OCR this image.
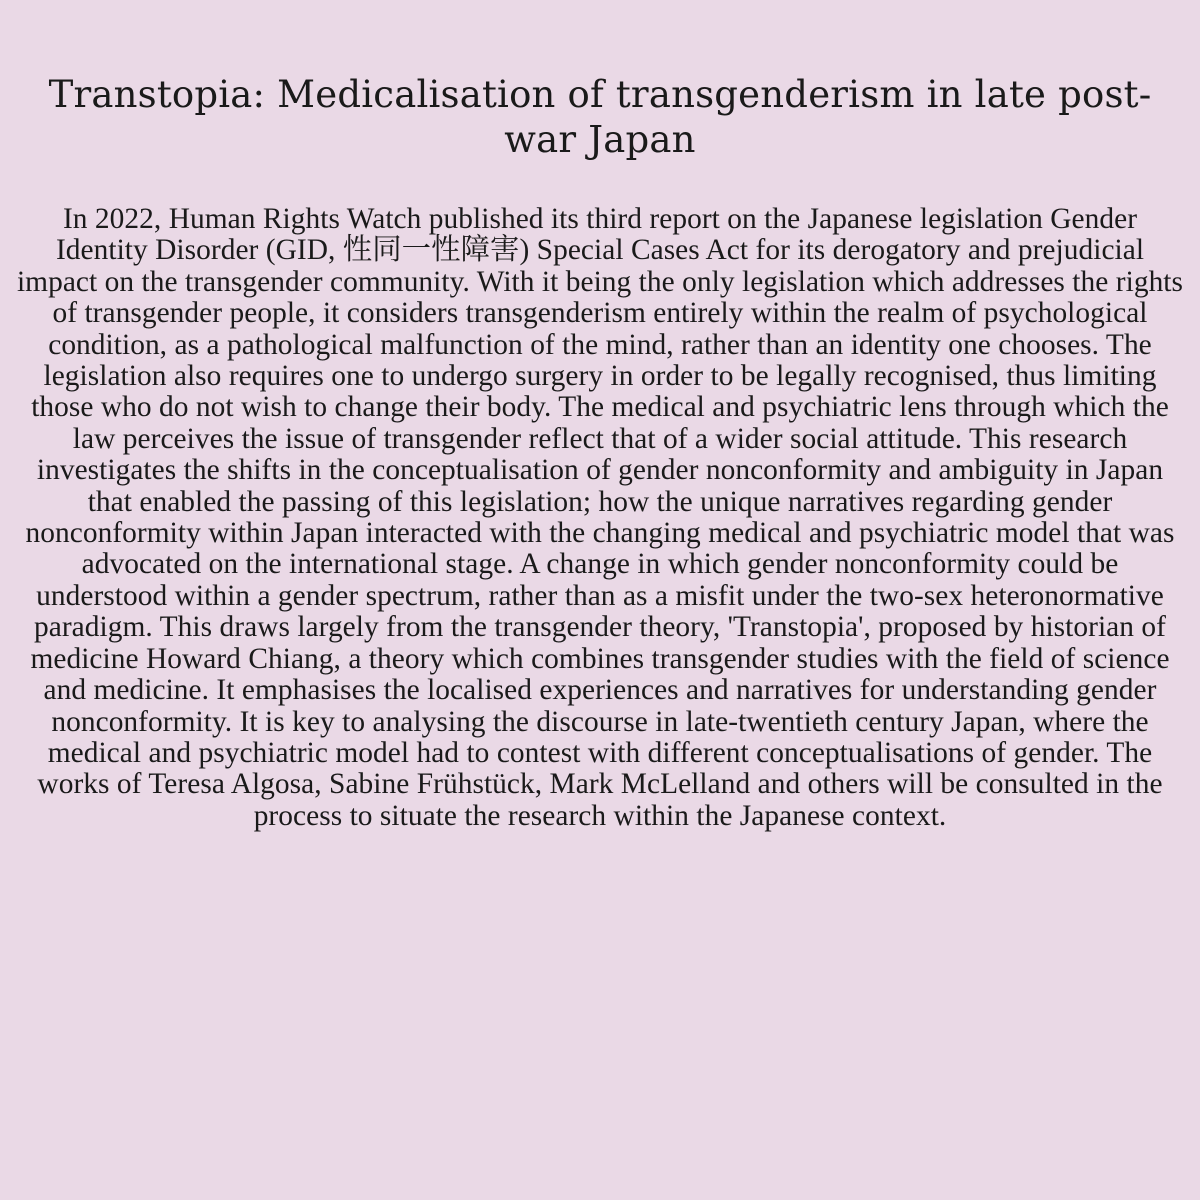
Transtopia: Medicalisation of transgenderism in late post-war Japan

In 2022, Human Rights Watch published its third report on the Japanese legislation Gender Identity Disorder (GID, 性同一性障害) Special Cases Act for its derogatory and prejudicial impact on the transgender community. With it being the only legislation which addresses the rights of transgender people, it considers transgenderism entirely within the realm of psychological condition, as a pathological malfunction of the mind, rather than an identity one chooses. The legislation also requires one to undergo surgery in order to be legally recognised, thus limiting those who do not wish to change their body. The medical and psychiatric lens through which the law perceives the issue of transgender reflect that of a wider social attitude. This research investigates the shifts in the conceptualisation of gender nonconformity and ambiguity in Japan that enabled the passing of this legislation; how the unique narratives regarding gender nonconformity within Japan interacted with the changing medical and psychiatric model that was advocated on the international stage. A change in which gender nonconformity could be understood within a gender spectrum, rather than as a misfit under the two-sex heteronormative paradigm. This draws largely from the transgender theory, 'Transtopia', proposed by historian of medicine Howard Chiang, a theory which combines transgender studies with the field of science and medicine. It emphasises the localised experiences and narratives for understanding gender nonconformity. It is key to analysing the discourse in late-twentieth century Japan, where the medical and psychiatric model had to contest with different conceptualisations of gender. The works of Teresa Algosa, Sabine Frühstück, Mark McLelland and others will be consulted in the process to situate the research within the Japanese context.
